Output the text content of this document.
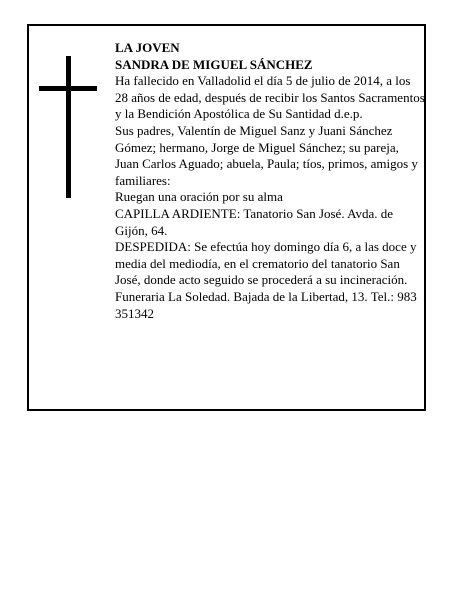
LA JOVEN

SANDRA DE MIGUEL SÁNCHEZ

Ha fallecido en Valladolid el día 5 de julio de 2014, a los 28 años de edad, después de recibir los Santos Sacramentos y la Bendición Apostólica de Su Santidad d.e.p.

Sus padres, Valentín de Miguel Sanz y Juani Sánchez Gómez; hermano, Jorge de Miguel Sánchez; su pareja, Juan Carlos Aguado; abuela, Paula; tíos, primos, amigos y familiares:

Ruegan una oración por su alma

CAPILLA ARDIENTE: Tanatorio San José. Avda. de Gijón, 64.

DESPEDIDA: Se efectúa hoy domingo día 6, a las doce y media del mediodía, en el crematorio del tanatorio San José, donde acto seguido se procederá a su incineración.

Funeraria La Soledad. Bajada de la Libertad, 13. Tel.: 983 351342
